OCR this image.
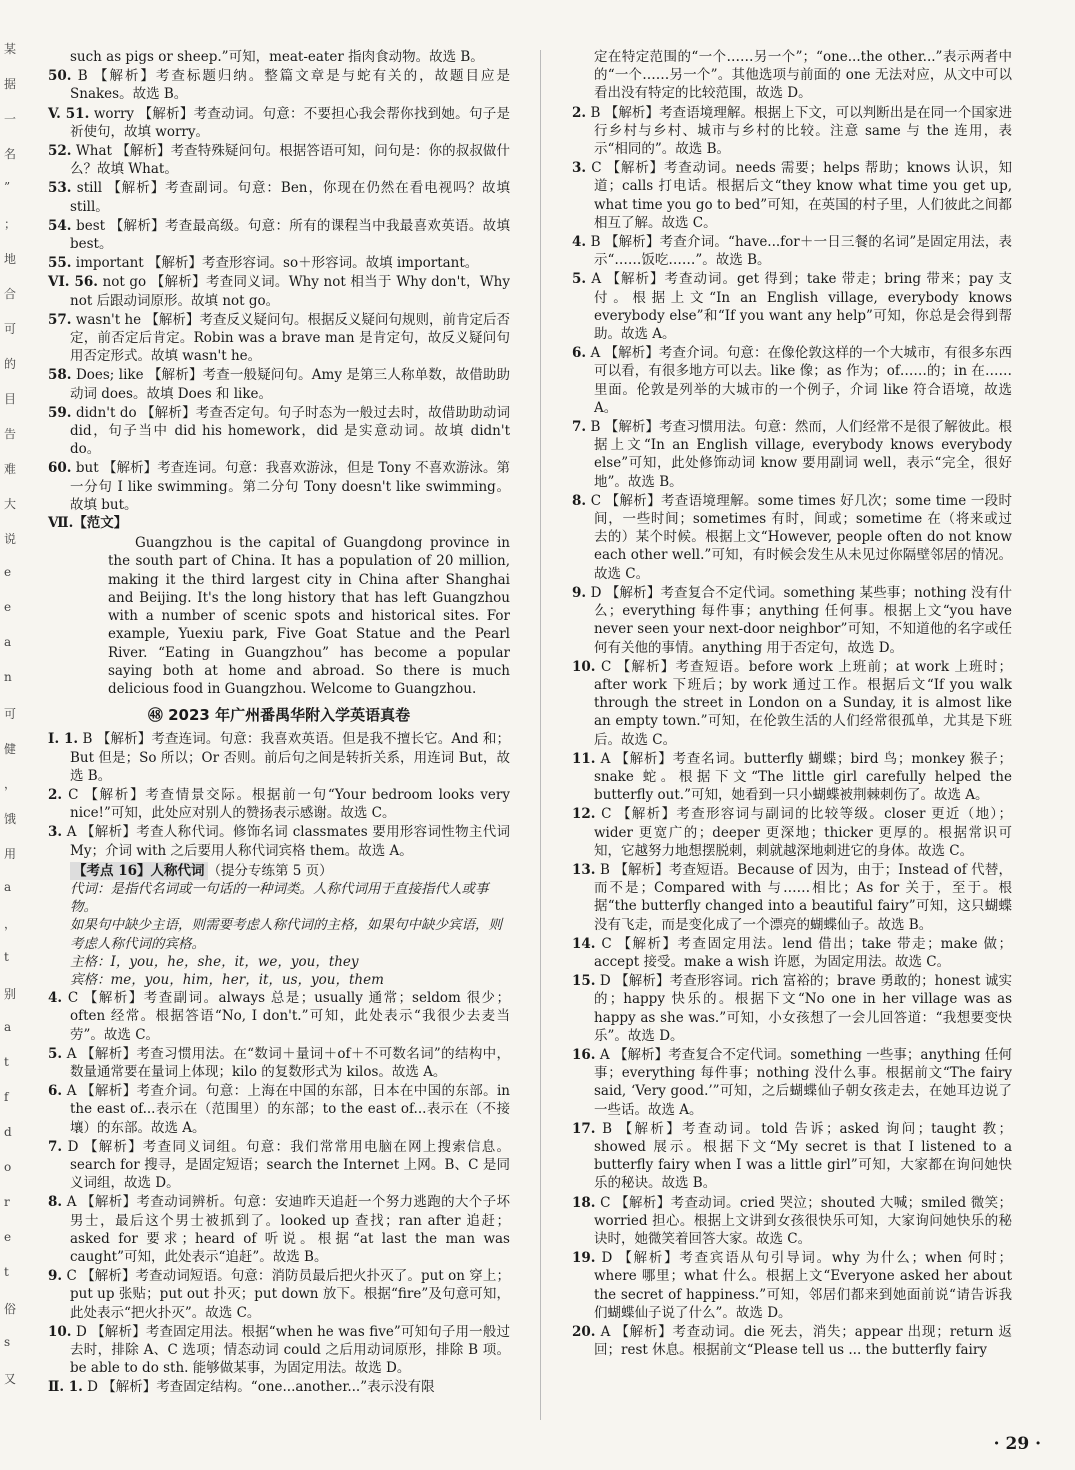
某
据
一
名
”
；
地
合
可
的
目
告
难
大
说
e
e
a
n
可
健
，
饿
用
a
，
t
别
a
t
f
d
o
r
e
t
俗
s
又

such as pigs or sheep.”可知，meat-eater 指肉食动物。故选 B。

50. B 【解析】考查标题归纳。整篇文章是与蛇有关的，故题目应是 Snakes。故选 B。

V. 51. worry 【解析】考查动词。句意：不要担心我会帮你找到她。句子是祈使句，故填 worry。

52. What 【解析】考查特殊疑问句。根据答语可知，问句是：你的叔叔做什么？故填 What。

53. still 【解析】考查副词。句意：Ben，你现在仍然在看电视吗？故填 still。

54. best 【解析】考查最高级。句意：所有的课程当中我最喜欢英语。故填 best。

55. important 【解析】考查形容词。so＋形容词。故填 important。

VI. 56. not go 【解析】考查同义词。Why not 相当于 Why don't，Why not 后跟动词原形。故填 not go。

57. wasn't he 【解析】考查反义疑问句。根据反义疑问句规则，前肯定后否定，前否定后肯定。Robin was a brave man 是肯定句，故反义疑问句用否定形式。故填 wasn't he。

58. Does; like 【解析】考查一般疑问句。Amy 是第三人称单数，故借助助动词 does。故填 Does 和 like。

59. didn't do 【解析】考查否定句。句子时态为一般过去时，故借助助动词 did，句子当中 did his homework，did 是实意动词。故填 didn't do。

60. but 【解析】考查连词。句意：我喜欢游泳，但是 Tony 不喜欢游泳。第一分句 I like swimming。第二分句 Tony doesn't like swimming。故填 but。

Ⅶ.【范文】

Guangzhou is the capital of Guangdong province in the south part of China. It has a population of 20 million, making it the third largest city in China after Shanghai and Beijing. It's the long history that has left Guangzhou with a number of scenic spots and historical sites. For example, Yuexiu park, Five Goat Statue and the Pearl River. “Eating in Guangzhou” has become a popular saying both at home and abroad. So there is much delicious food in Guangzhou. Welcome to Guangzhou.

㊽ 2023 年广州番禺华附入学英语真卷

Ⅰ. 1. B 【解析】考查连词。句意：我喜欢英语。但是我不擅长它。And 和；But 但是；So 所以；Or 否则。前后句之间是转折关系，用连词 But，故选 B。

2. C 【解析】考查情景交际。根据前一句“Your bedroom looks very nice!”可知，此处应对别人的赞扬表示感谢。故选 C。

3. A 【解析】考查人称代词。修饰名词 classmates 要用形容词性物主代词 My；介词 with 之后要用人称代词宾格 them。故选 A。

【考点 16】人称代词 （提分专练第 5 页）
代词：是指代名词或一句话的一种词类。人称代词用于直接指代人或事物。
如果句中缺少主语，则需要考虑人称代词的主格，如果句中缺少宾语，则考虑人称代词的宾格。
主格：I，you，he，she，it，we，you，they
宾格：me，you，him，her，it，us，you，them

4. C 【解析】考查副词。always 总是；usually 通常；seldom 很少；often 经常。根据答语“No, I don't.”可知，此处表示“我很少去麦当劳”。故选 C。

5. A 【解析】考查习惯用法。在“数词＋量词＋of＋不可数名词”的结构中，数量通常要在量词上体现；kilo 的复数形式为 kilos。故选 A。

6. A 【解析】考查介词。句意：上海在中国的东部，日本在中国的东部。in the east of...表示在（范围里）的东部；to the east of...表示在（不接壤）的东部。故选 A。

7. D 【解析】考查同义词组。句意：我们常常用电脑在网上搜索信息。search for 搜寻，是固定短语；search the Internet 上网。B、C 是同义词组，故选 D。

8. A 【解析】考查动词辨析。句意：安迪昨天追赶一个努力逃跑的大个子坏男士，最后这个男士被抓到了。looked up 查找；ran after 追赶；asked for 要求；heard of 听说。根据“at last the man was caught”可知，此处表示“追赶”。故选 B。

9. C 【解析】考查动词短语。句意：消防员最后把火扑灭了。put on 穿上；put up 张贴；put out 扑灭；put down 放下。根据“fire”及句意可知，此处表示“把火扑灭”。故选 C。

10. D 【解析】考查固定用法。根据“when he was five”可知句子用一般过去时，排除 A、C 选项；情态动词 could 之后用动词原形，排除 B 项。be able to do sth. 能够做某事，为固定用法。故选 D。

Ⅱ. 1. D 【解析】考查固定结构。“one...another...”表示没有限

定在特定范围的“一个……另一个”；“one...the other...”表示两者中的“一个……另一个”。其他选项与前面的 one 无法对应，从文中可以看出没有特定的比较范围，故选 D。

2. B 【解析】考查语境理解。根据上下文，可以判断出是在同一个国家进行乡村与乡村、城市与乡村的比较。注意 same 与 the 连用，表示“相同的”。故选 B。

3. C 【解析】考查动词。needs 需要；helps 帮助；knows 认识，知道；calls 打电话。根据后文“they know what time you get up, what time you go to bed”可知，在英国的村子里，人们彼此之间都相互了解。故选 C。

4. B 【解析】考查介词。“have...for＋一日三餐的名词”是固定用法，表示“……饭吃……”。故选 B。

5. A 【解析】考查动词。get 得到；take 带走；bring 带来；pay 支付。根据上文“In an English village, everybody knows everybody else”和“If you want any help”可知，你总是会得到帮助。故选 A。

6. A 【解析】考查介词。句意：在像伦敦这样的一个大城市，有很多东西可以看，有很多地方可以去。like 像；as 作为；of……的；in 在……里面。伦敦是列举的大城市的一个例子，介词 like 符合语境，故选 A。

7. B 【解析】考查习惯用法。句意：然而，人们经常不是很了解彼此。根据上文“In an English village, everybody knows everybody else”可知，此处修饰动词 know 要用副词 well，表示“完全，很好地”。故选 B。

8. C 【解析】考查语境理解。some times 好几次；some time 一段时间，一些时间；sometimes 有时，间或；sometime 在（将来或过去的）某个时候。根据上文“However, people often do not know each other well.”可知，有时候会发生从未见过你隔壁邻居的情况。故选 C。

9. D 【解析】考查复合不定代词。something 某些事；nothing 没有什么；everything 每件事；anything 任何事。根据上文“you have never seen your next-door neighbor”可知，不知道他的名字或任何有关他的事情。anything 用于否定句，故选 D。

10. C 【解析】考查短语。before work 上班前；at work 上班时；after work 下班后；by work 通过工作。根据后文“If you walk through the street in London on a Sunday, it is almost like an empty town.”可知，在伦敦生活的人们经常很孤单，尤其是下班后。故选 C。

11. A 【解析】考查名词。butterfly 蝴蝶；bird 鸟；monkey 猴子；snake 蛇。根据下文“The little girl carefully helped the butterfly out.”可知，她看到一只小蝴蝶被荆棘刺伤了。故选 A。

12. C 【解析】考查形容词与副词的比较等级。closer 更近（地）；wider 更宽广的；deeper 更深地；thicker 更厚的。根据常识可知，它越努力地想摆脱刺，刺就越深地刺进它的身体。故选 C。

13. B 【解析】考查短语。Because of 因为，由于；Instead of 代替，而不是；Compared with 与……相比；As for 关于，至于。根据“the butterfly changed into a beautiful fairy”可知，这只蝴蝶没有飞走，而是变化成了一个漂亮的蝴蝶仙子。故选 B。

14. C 【解析】考查固定用法。lend 借出；take 带走；make 做；accept 接受。make a wish 许愿，为固定用法。故选 C。

15. D 【解析】考查形容词。rich 富裕的；brave 勇敢的；honest 诚实的；happy 快乐的。根据下文“No one in her village was as happy as she was.”可知，小女孩想了一会儿回答道：“我想要变快乐”。故选 D。

16. A 【解析】考查复合不定代词。something 一些事；anything 任何事；everything 每件事；nothing 没什么事。根据前文“The fairy said, ‘Very good.’”可知，之后蝴蝶仙子朝女孩走去，在她耳边说了一些话。故选 A。

17. B 【解析】考查动词。told 告诉；asked 询问；taught 教；showed 展示。根据下文“My secret is that I listened to a butterfly fairy when I was a little girl”可知，大家都在询问她快乐的秘诀。故选 B。

18. C 【解析】考查动词。cried 哭泣；shouted 大喊；smiled 微笑；worried 担心。根据上文讲到女孩很快乐可知，大家询问她快乐的秘诀时，她微笑着回答大家。故选 C。

19. D 【解析】考查宾语从句引导词。why 为什么；when 何时；where 哪里；what 什么。根据上文“Everyone asked her about the secret of happiness.”可知，邻居们都来到她面前说“请告诉我们蝴蝶仙子说了什么”。故选 D。

20. A 【解析】考查动词。die 死去，消失；appear 出现；return 返回；rest 休息。根据前文“Please tell us ... the butterfly fairy

· 29 ·
